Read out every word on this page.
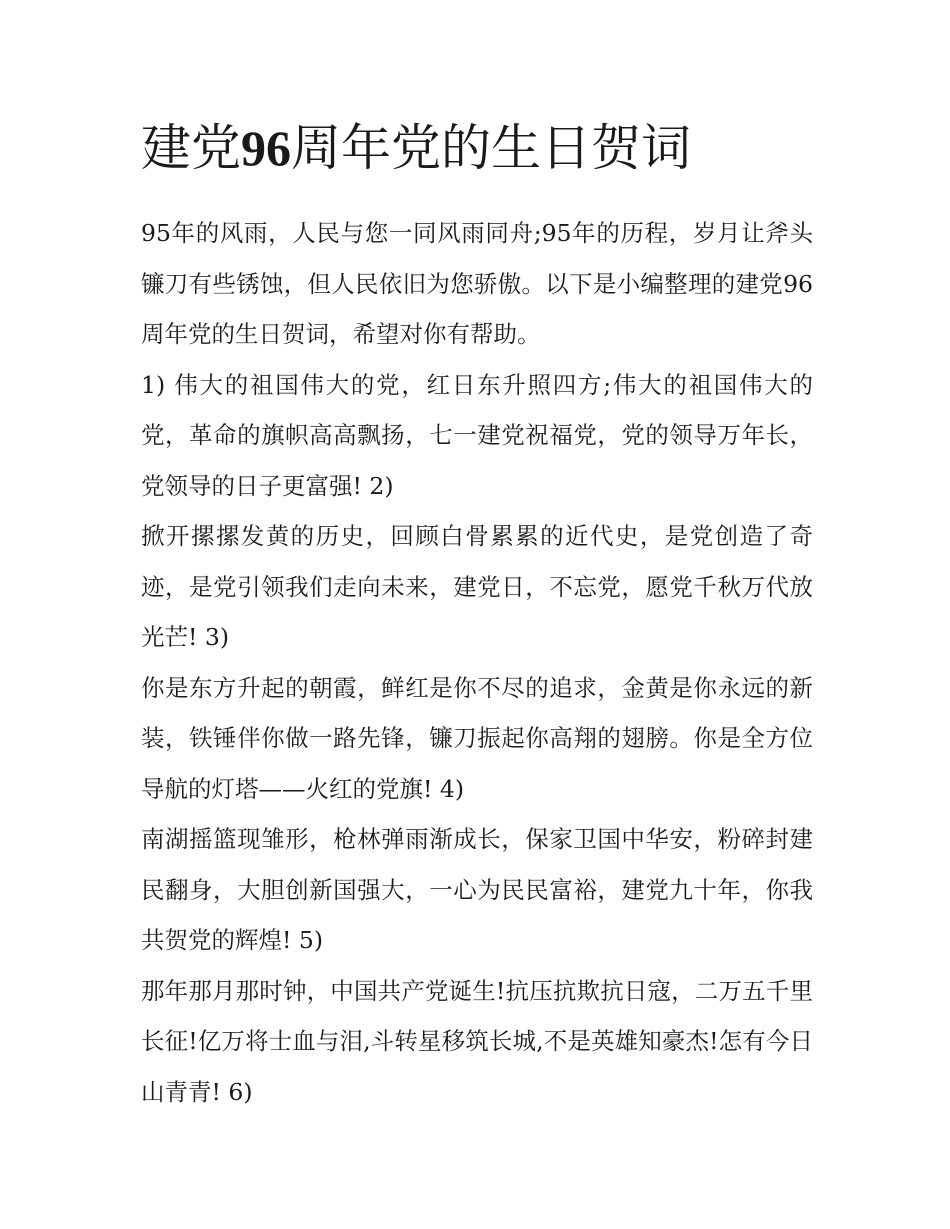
建党96周年党的生日贺词

95年的风雨，人民与您一同风雨同舟;95年的历程，岁月让斧头镰刀有些锈蚀，但人民依旧为您骄傲。以下是小编整理的建党96周年党的生日贺词，希望对你有帮助。

1) 伟大的祖国伟大的党，红日东升照四方;伟大的祖国伟大的党，革命的旗帜高高飘扬，七一建党祝福党，党的领导万年长，党领导的日子更富强! 2)

掀开摞摞发黄的历史，回顾白骨累累的近代史，是党创造了奇迹，是党引领我们走向未来，建党日，不忘党，愿党千秋万代放光芒! 3)

你是东方升起的朝霞，鲜红是你不尽的追求，金黄是你永远的新装，铁锤伴你做一路先锋，镰刀振起你高翔的翅膀。你是全方位导航的灯塔——火红的党旗! 4)

南湖摇篮现雏形，枪林弹雨渐成长，保家卫国中华安，粉碎封建民翻身，大胆创新国强大，一心为民民富裕，建党九十年，你我共贺党的辉煌! 5)

那年那月那时钟，中国共产党诞生!抗压抗欺抗日寇，二万五千里长征!亿万将士血与泪,斗转星移筑长城,不是英雄知豪杰!怎有今日山青青! 6)
